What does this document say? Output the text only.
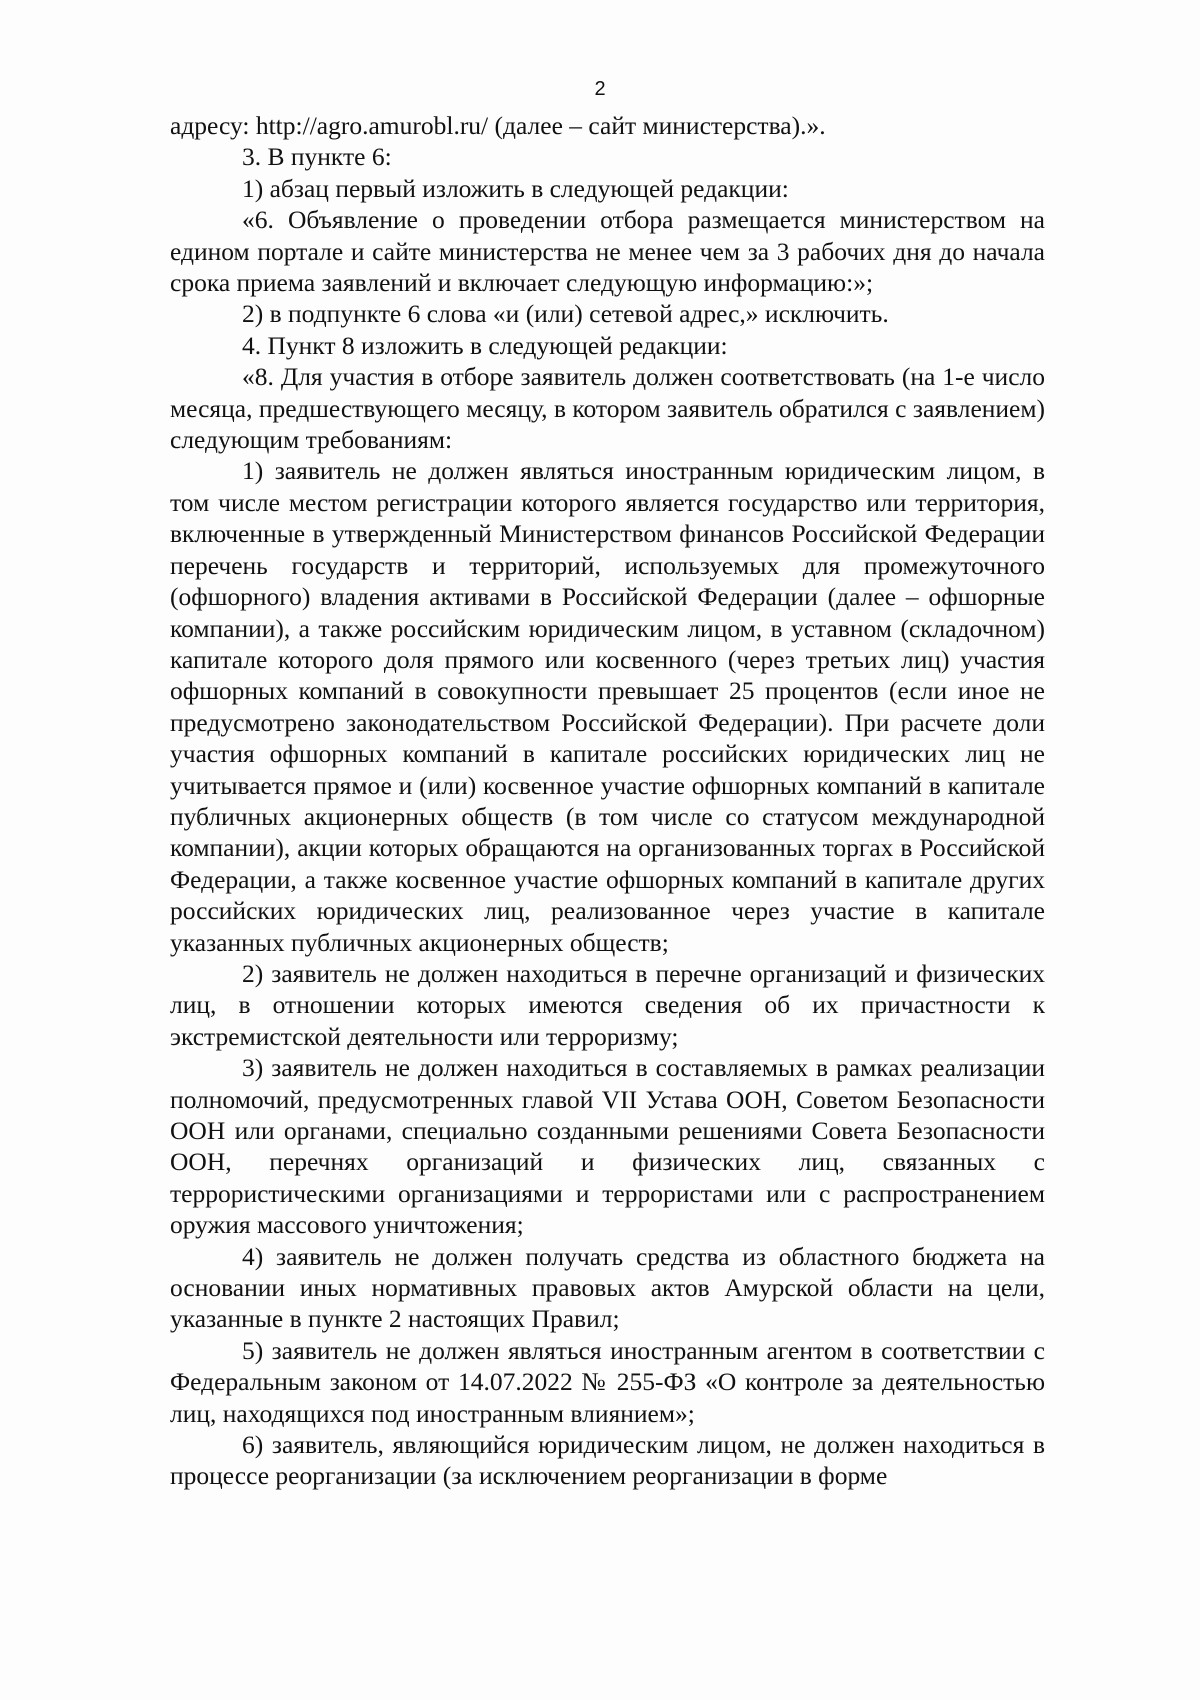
2

адресу: http://agro.amurobl.ru/ (далее – сайт министерства).».

3. В пункте 6:

1) абзац первый изложить в следующей редакции:

«6. Объявление о проведении отбора размещается министерством на едином портале и сайте министерства не менее чем за 3 рабочих дня до начала срока приема заявлений и включает следующую информацию:»;

2) в подпункте 6 слова «и (или) сетевой адрес,» исключить.

4. Пункт 8 изложить в следующей редакции:

«8. Для участия в отборе заявитель должен соответствовать (на 1-е число месяца, предшествующего месяцу, в котором заявитель обратился с заявлением) следующим требованиям:

1) заявитель не должен являться иностранным юридическим лицом, в том числе местом регистрации которого является государство или территория, включенные в утвержденный Министерством финансов Российской Федерации перечень государств и территорий, используемых для промежуточного (офшорного) владения активами в Российской Федерации (далее – офшорные компании), а также российским юридическим лицом, в уставном (складочном) капитале которого доля прямого или косвенного (через третьих лиц) участия офшорных компаний в совокупности превышает 25 процентов (если иное не предусмотрено законодательством Российской Федерации). При расчете доли участия офшорных компаний в капитале российских юридических лиц не учитывается прямое и (или) косвенное участие офшорных компаний в капитале публичных акционерных обществ (в том числе со статусом международной компании), акции которых обращаются на организованных торгах в Российской Федерации, а также косвенное участие офшорных компаний в капитале других российских юридических лиц, реализованное через участие в капитале указанных публичных акционерных обществ;

2) заявитель не должен находиться в перечне организаций и физических лиц, в отношении которых имеются сведения об их причастности к экстремистской деятельности или терроризму;

3) заявитель не должен находиться в составляемых в рамках реализации полномочий, предусмотренных главой VII Устава ООН, Советом Безопасности ООН или органами, специально созданными решениями Совета Безопасности ООН, перечнях организаций и физических лиц, связанных с террористическими организациями и террористами или с распространением оружия массового уничтожения;

4) заявитель не должен получать средства из областного бюджета на основании иных нормативных правовых актов Амурской области на цели, указанные в пункте 2 настоящих Правил;

5) заявитель не должен являться иностранным агентом в соответствии с Федеральным законом от 14.07.2022 № 255-ФЗ «О контроле за деятельностью лиц, находящихся под иностранным влиянием»;

6) заявитель, являющийся юридическим лицом, не должен находиться в процессе реорганизации (за исключением реорганизации в форме
